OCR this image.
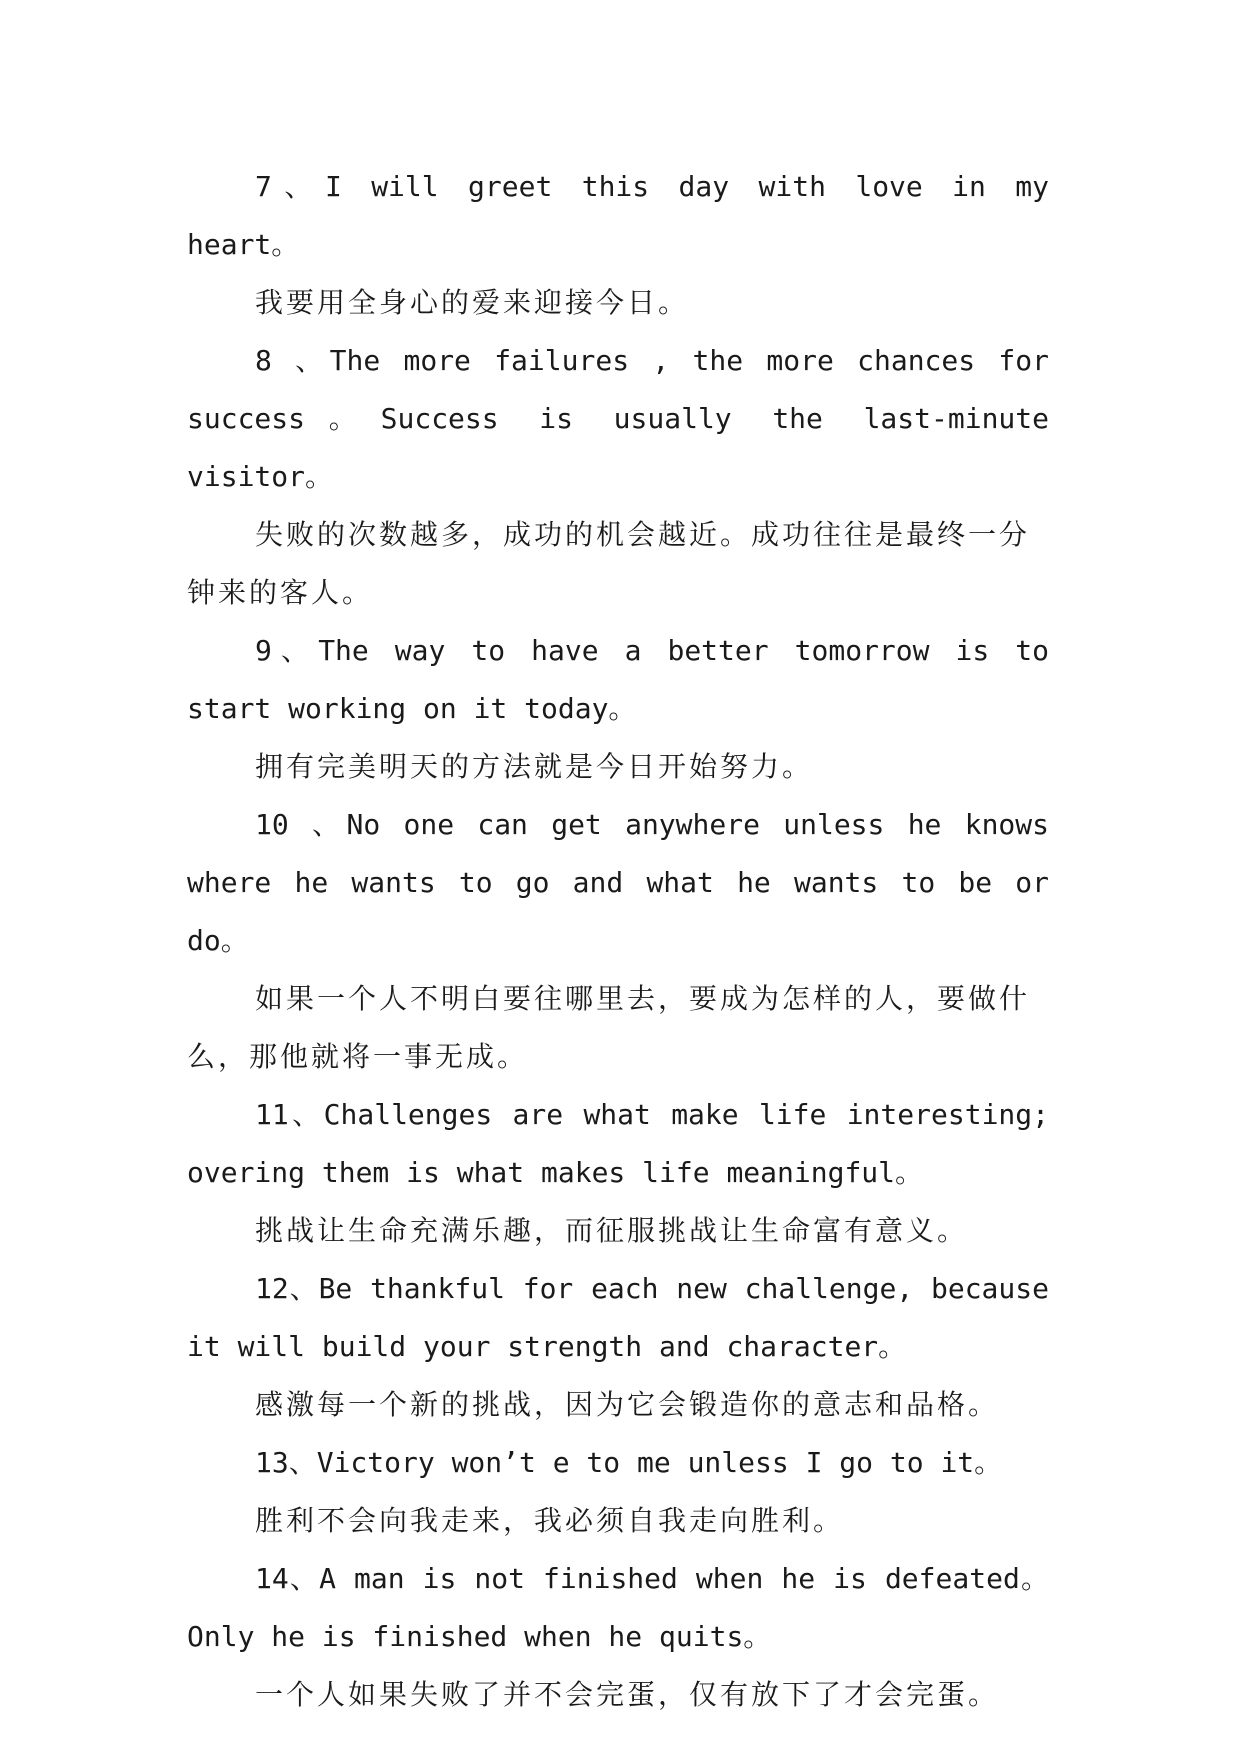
7、I will greet this day with love in my heart。

我要用全身心的爱来迎接今日。

8 、The more failures , the more chances for success。Success is usually the last-minute visitor。

失败的次数越多，成功的机会越近。成功往往是最终一分钟来的客人。

9、The way to have a better tomorrow is to start working on it today。

拥有完美明天的方法就是今日开始努力。

10 、No one can get anywhere unless he knows where he wants to go and what he wants to be or do。

如果一个人不明白要往哪里去，要成为怎样的人，要做什么，那他就将一事无成。

11、Challenges are what make life interesting; overing them is what makes life meaningful。

挑战让生命充满乐趣，而征服挑战让生命富有意义。

12、Be thankful for each new challenge, because it will build your strength and character。

感激每一个新的挑战，因为它会锻造你的意志和品格。

13、Victory won’t e to me unless I go to it。

胜利不会向我走来，我必须自我走向胜利。

14、A man is not finished when he is defeated。Only he is finished when he quits。

一个人如果失败了并不会完蛋，仅有放下了才会完蛋。
